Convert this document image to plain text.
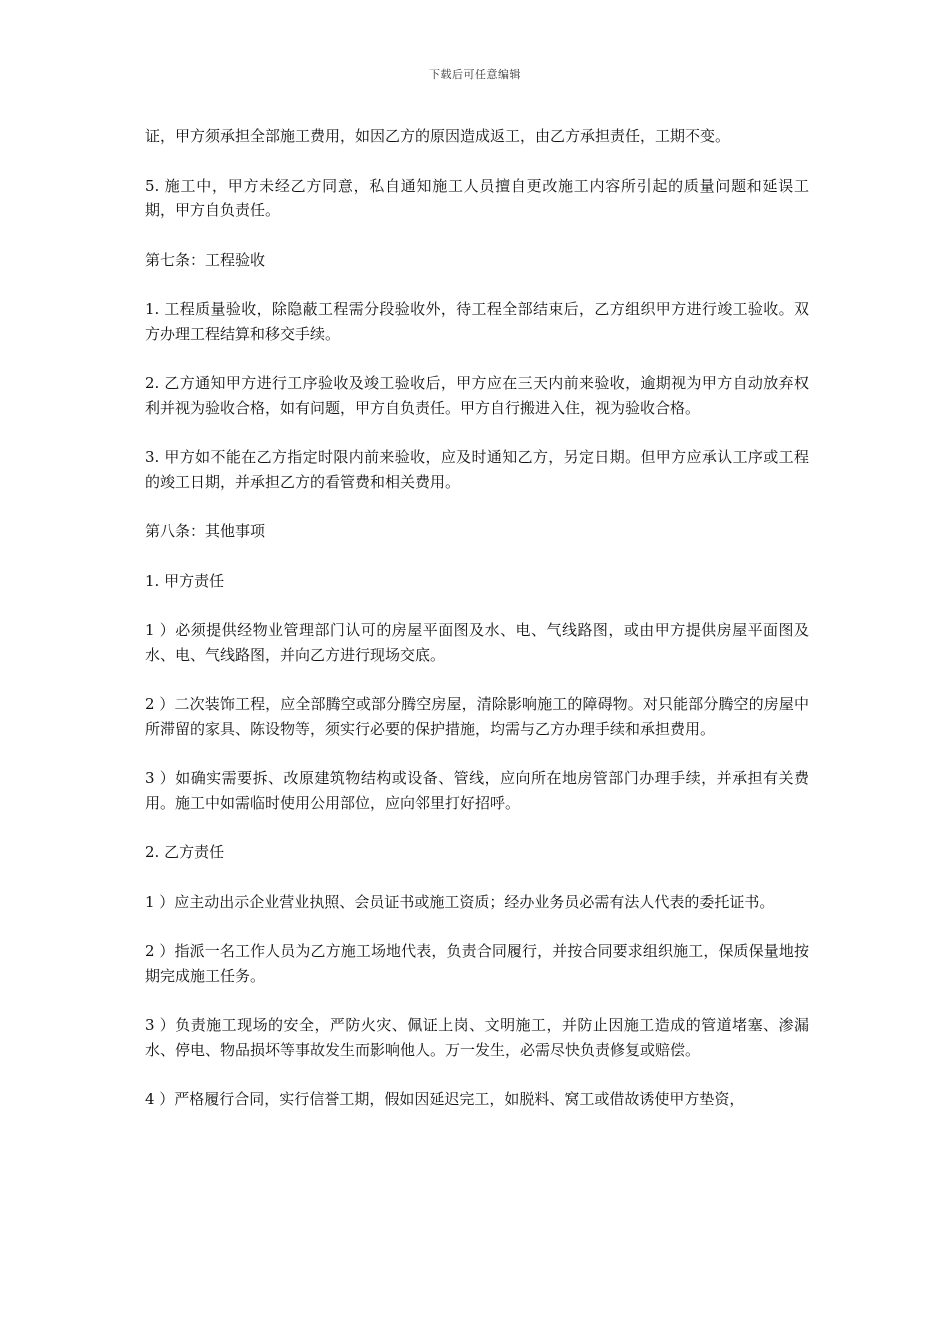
下载后可任意编辑

证，甲方须承担全部施工费用，如因乙方的原因造成返工，由乙方承担责任，工期不变。

5. 施工中，甲方未经乙方同意，私自通知施工人员擅自更改施工内容所引起的质量问题和延误工期，甲方自负责任。

第七条：工程验收

1. 工程质量验收，除隐蔽工程需分段验收外，待工程全部结束后，乙方组织甲方进行竣工验收。双方办理工程结算和移交手续。

2. 乙方通知甲方进行工序验收及竣工验收后，甲方应在三天内前来验收，逾期视为甲方自动放弃权利并视为验收合格，如有问题，甲方自负责任。甲方自行搬进入住，视为验收合格。

3. 甲方如不能在乙方指定时限内前来验收，应及时通知乙方，另定日期。但甲方应承认工序或工程的竣工日期，并承担乙方的看管费和相关费用。

第八条：其他事项

1. 甲方责任

1 ）必须提供经物业管理部门认可的房屋平面图及水、电、气线路图，或由甲方提供房屋平面图及水、电、气线路图，并向乙方进行现场交底。

2 ）二次装饰工程，应全部腾空或部分腾空房屋，清除影响施工的障碍物。对只能部分腾空的房屋中所滞留的家具、陈设物等，须实行必要的保护措施，均需与乙方办理手续和承担费用。

3 ）如确实需要拆、改原建筑物结构或设备、管线，应向所在地房管部门办理手续，并承担有关费用。施工中如需临时使用公用部位，应向邻里打好招呼。

2. 乙方责任

1 ）应主动出示企业营业执照、会员证书或施工资质；经办业务员必需有法人代表的委托证书。

2 ）指派一名工作人员为乙方施工场地代表，负责合同履行，并按合同要求组织施工，保质保量地按期完成施工任务。

3 ）负责施工现场的安全，严防火灾、佩证上岗、文明施工，并防止因施工造成的管道堵塞、渗漏水、停电、物品损坏等事故发生而影响他人。万一发生，必需尽快负责修复或赔偿。

4 ）严格履行合同，实行信誉工期，假如因延迟完工，如脱料、窝工或借故诱使甲方垫资，
